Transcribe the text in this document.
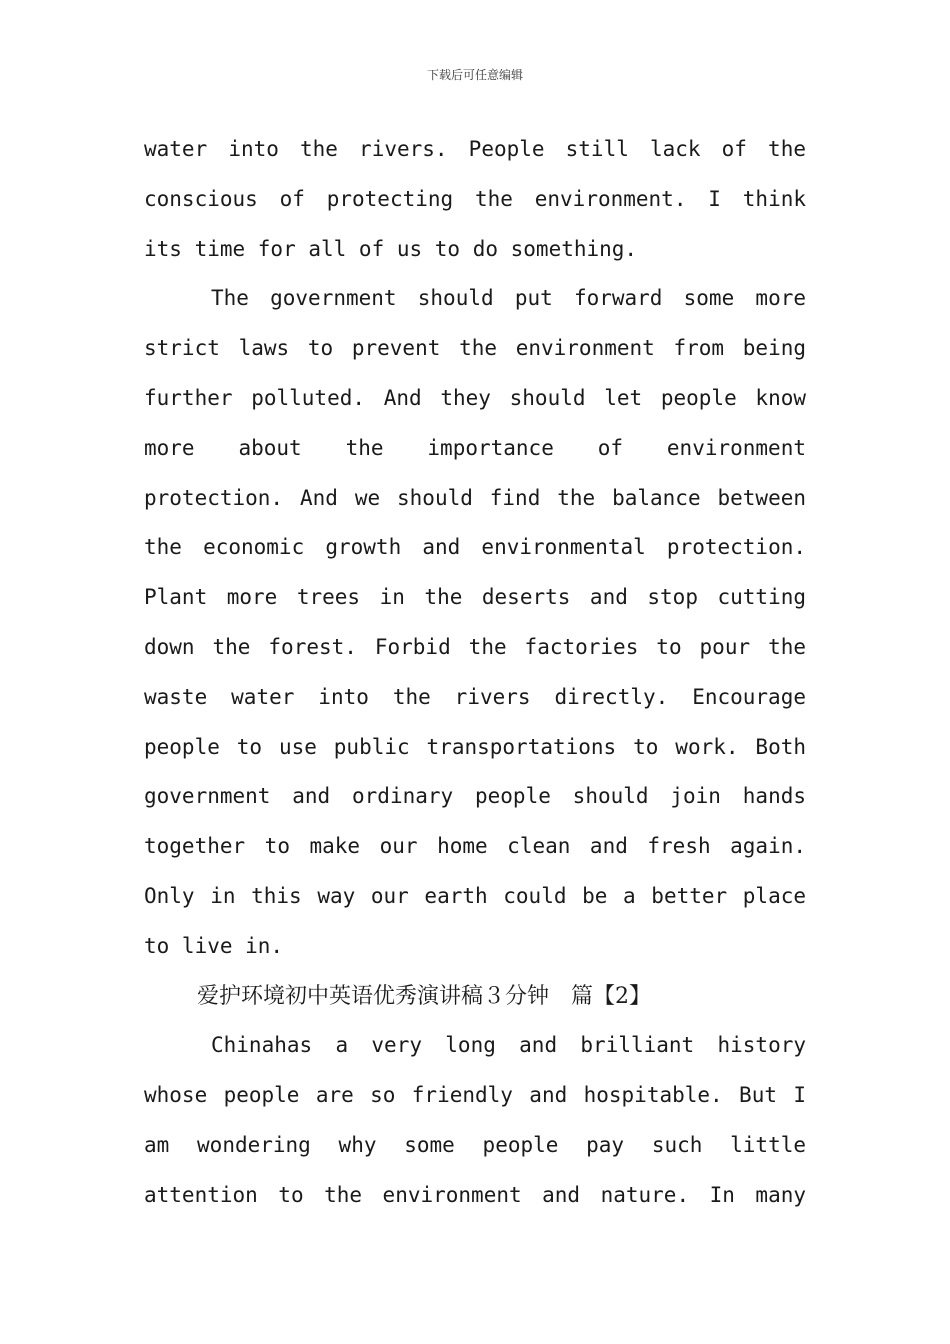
下载后可任意编辑
water into the rivers. People still lack of the
conscious of protecting the environment. I think
its time for all of us to do something.
The government should put forward some more
strict laws to prevent the environment from being
further polluted. And they should let people know
more about the importance of environment
protection. And we should find the balance between
the economic growth and environmental protection.
Plant more trees in the deserts and stop cutting
down the forest. Forbid the factories to pour the
waste water into the rivers directly. Encourage
people to use public transportations to work. Both
government and ordinary people should join hands
together to make our home clean and fresh again.
Only in this way our earth could be a better place
to live in.
爱护环境初中英语优秀演讲稿３分钟　篇【2】
Chinahas a very long and brilliant history
whose people are so friendly and hospitable. But I
am wondering why some people pay such little
attention to the environment and nature. In many
